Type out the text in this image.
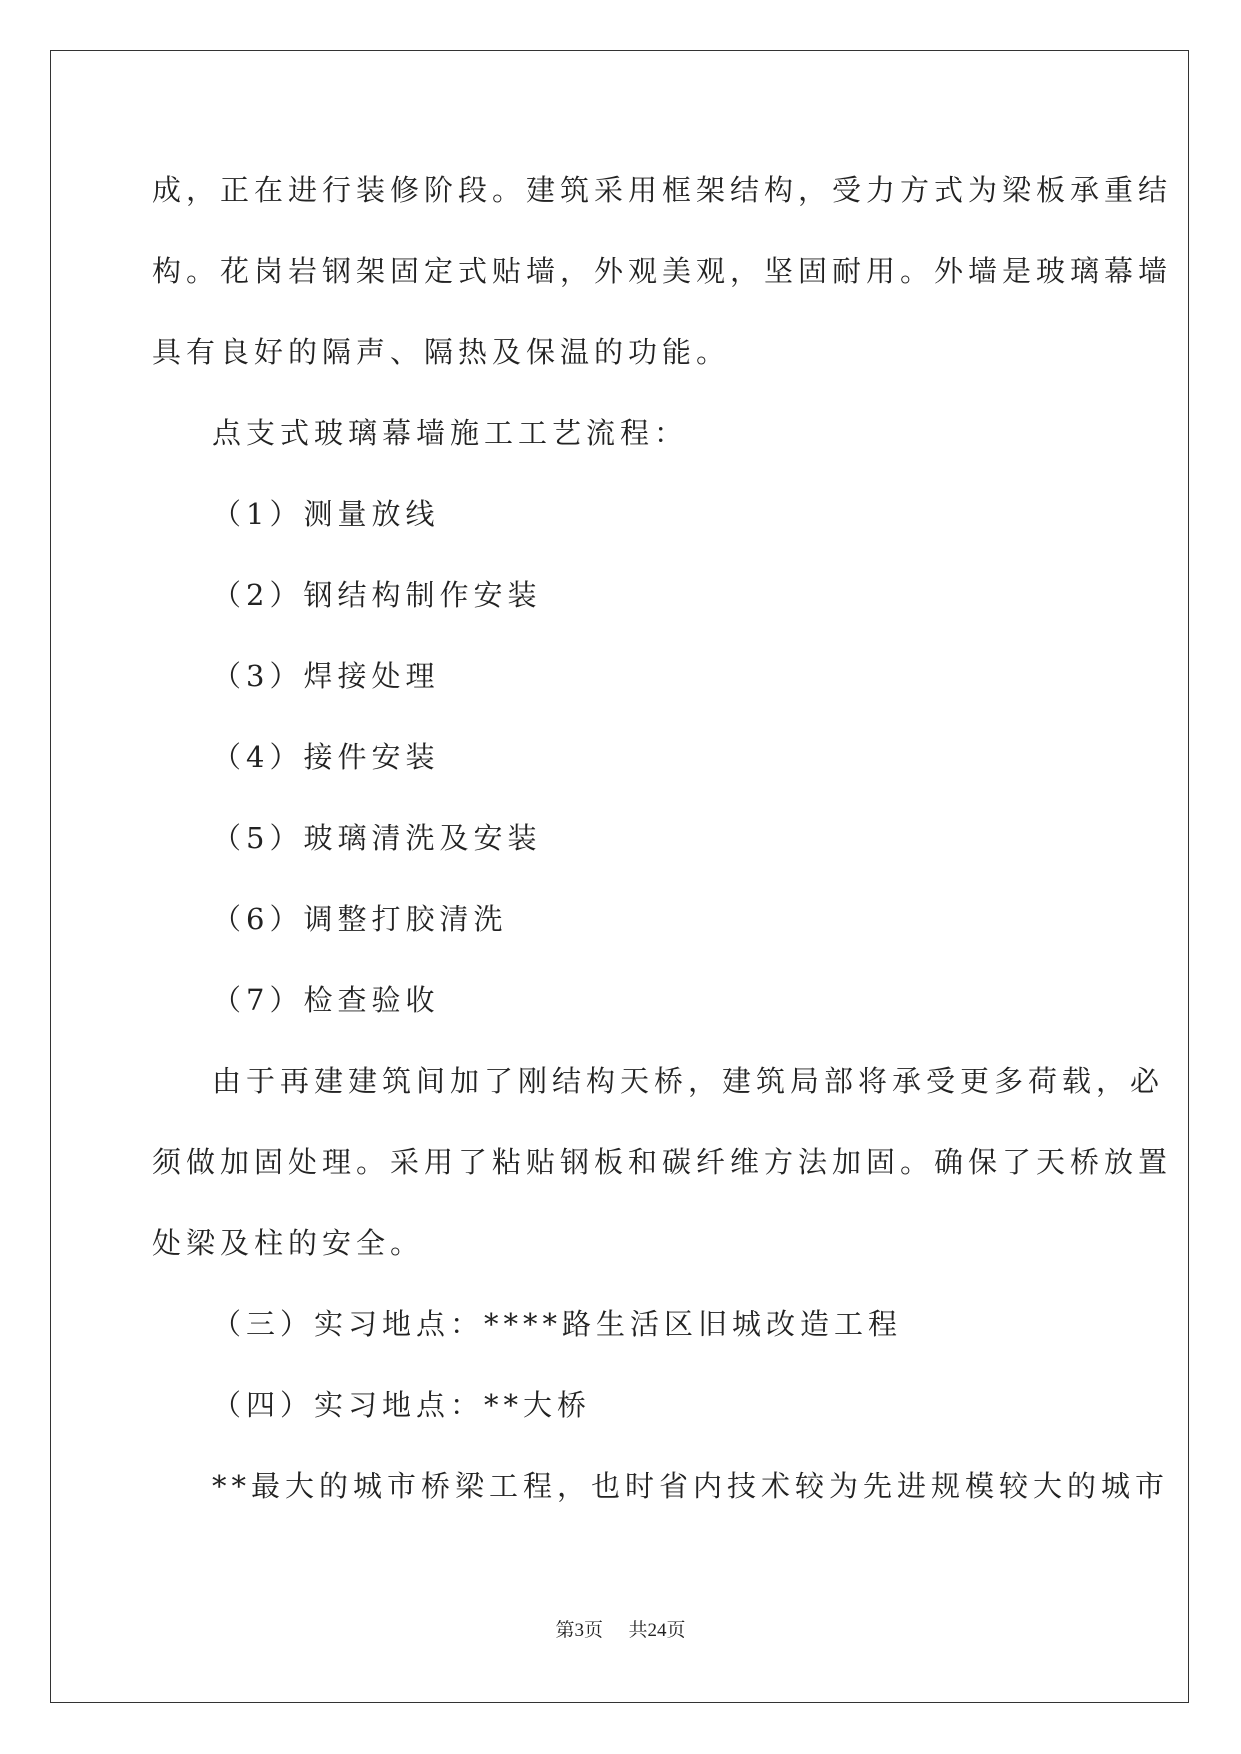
成，正在进行装修阶段。建筑采用框架结构，受力方式为梁板承重结
构。花岗岩钢架固定式贴墙，外观美观，坚固耐用。外墙是玻璃幕墙
具有良好的隔声、隔热及保温的功能。
点支式玻璃幕墙施工工艺流程：
（1）测量放线
（2）钢结构制作安装
（3）焊接处理
（4）接件安装
（5）玻璃清洗及安装
（6）调整打胶清洗
（7）检查验收
由于再建建筑间加了刚结构天桥，建筑局部将承受更多荷载，必
须做加固处理。采用了粘贴钢板和碳纤维方法加固。确保了天桥放置
处梁及柱的安全。
（三）实习地点：****路生活区旧城改造工程
（四）实习地点：**大桥
**最大的城市桥梁工程，也时省内技术较为先进规模较大的城市
第3页 共24页
